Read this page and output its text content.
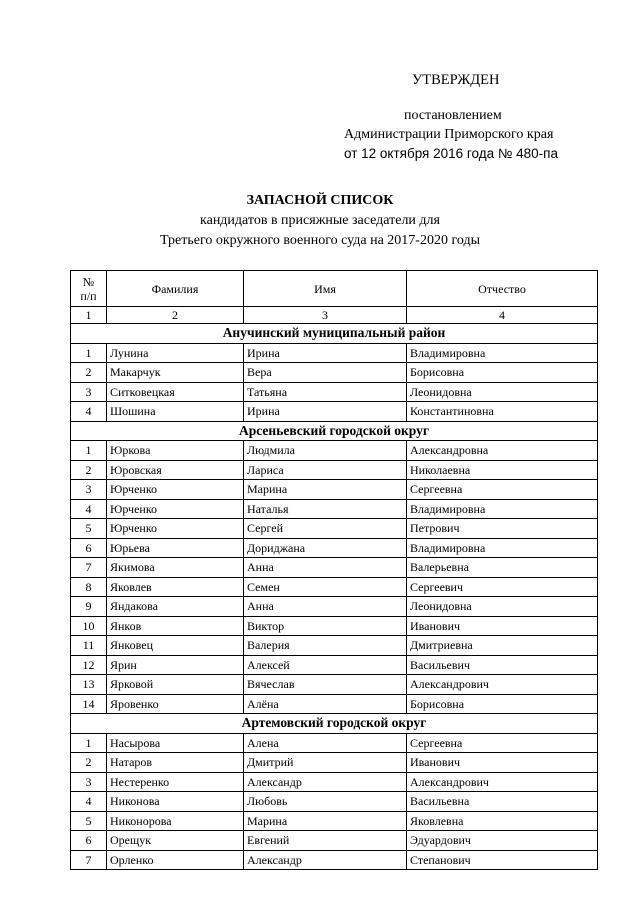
УТВЕРЖДЕН
постановлением
Администрации Приморского края
от 12 октября 2016 года № 480-па
ЗАПАСНОЙ СПИСОК
кандидатов в присяжные заседатели для
Третьего окружного военного суда на 2017-2020 годы
№
п/п	Фамилия	Имя	Отчество
1	2	3	4
Анучинский муниципальный район			
1	Лунина	Ирина	Владимировна
2	Макарчук	Вера	Борисовна
3	Ситковецкая	Татьяна	Леонидовна
4	Шошина	Ирина	Константиновна
Арсеньевский городской округ			
1	Юркова	Людмила	Александровна
2	Юровская	Лариса	Николаевна
3	Юрченко	Марина	Сергеевна
4	Юрченко	Наталья	Владимировна
5	Юрченко	Сергей	Петрович
6	Юрьева	Дориджана	Владимировна
7	Якимова	Анна	Валерьевна
8	Яковлев	Семен	Сергеевич
9	Яндакова	Анна	Леонидовна
10	Янков	Виктор	Иванович
11	Янковец	Валерия	Дмитриевна
12	Ярин	Алексей	Васильевич
13	Ярковой	Вячеслав	Александрович
14	Яровенко	Алёна	Борисовна
Артемовский городской округ			
1	Насырова	Алена	Сергеевна
2	Натаров	Дмитрий	Иванович
3	Нестеренко	Александр	Александрович
4	Никонова	Любовь	Васильевна
5	Никонорова	Марина	Яковлевна
6	Орещук	Евгений	Эдуардович
7	Орленко	Александр	Степанович
